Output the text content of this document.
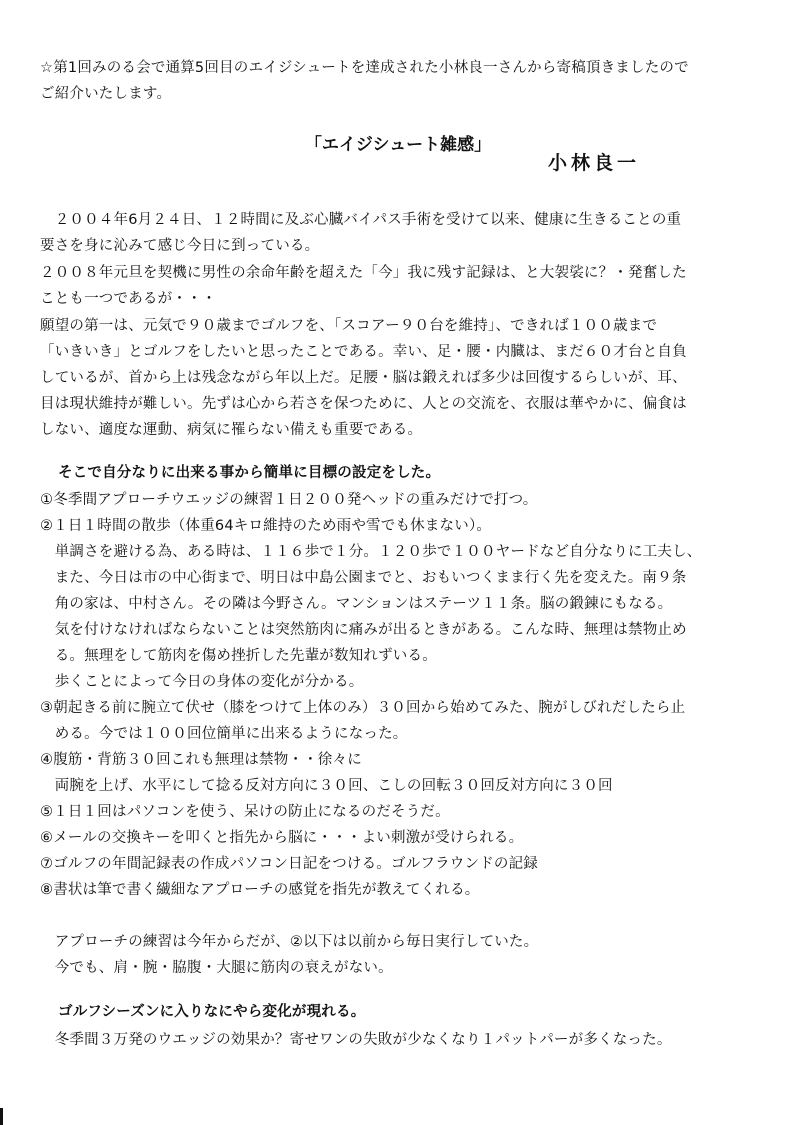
☆第1回みのる会で通算5回目のエイジシュートを達成された小林良一さんから寄稿頂きましたので
ご紹介いたします。
「エイジシュート雑感」
小林良一
　２００４年6月２４日、１２時間に及ぶ心臓バイパス手術を受けて以来、健康に生きることの重
要さを身に沁みて感じ今日に到っている。
２００８年元旦を契機に男性の余命年齢を超えた「今」我に残す記録は、と大袈裟に？・発奮した
ことも一つであるが・・・
願望の第一は、元気で９０歳までゴルフを、「スコアー９０台を維持」、できれば１００歳まで
「いきいき」とゴルフをしたいと思ったことである。幸い、足・腰・内臓は、まだ６０才台と自負
しているが、首から上は残念ながら年以上だ。足腰・脳は鍛えれば多少は回復するらしいが、耳、
目は現状維持が難しい。先ずは心から若さを保つために、人との交流を、衣服は華やかに、偏食は
しない、適度な運動、病気に罹らない備えも重要である。
そこで自分なりに出来る事から簡単に目標の設定をした。
①冬季間アプローチウエッジの練習１日２００発ヘッドの重みだけで打つ。
②１日１時間の散歩（体重64キロ維持のため雨や雪でも休まない）。
　単調さを避ける為、ある時は、１１６歩で１分。１２０歩で１００ヤードなど自分なりに工夫し、
　また、今日は市の中心街まで、明日は中島公園までと、おもいつくまま行く先を変えた。南９条
　角の家は、中村さん。その隣は今野さん。マンションはステーツ１１条。脳の鍛錬にもなる。
　気を付けなければならないことは突然筋肉に痛みが出るときがある。こんな時、無理は禁物止め
　る。無理をして筋肉を傷め挫折した先輩が数知れずいる。
　歩くことによって今日の身体の変化が分かる。
③朝起きる前に腕立て伏せ（膝をつけて上体のみ）３０回から始めてみた、腕がしびれだしたら止
　める。今では１００回位簡単に出来るようになった。
④腹筋・背筋３０回これも無理は禁物・・徐々に
　両腕を上げ、水平にして捻る反対方向に３０回、こしの回転３０回反対方向に３０回
⑤１日１回はパソコンを使う、呆けの防止になるのだそうだ。
⑥メールの交換キーを叩くと指先から脳に・・・よい刺激が受けられる。
⑦ゴルフの年間記録表の作成パソコン日記をつける。ゴルフラウンドの記録
⑧書状は筆で書く繊細なアプローチの感覚を指先が教えてくれる。
　アプローチの練習は今年からだが、②以下は以前から毎日実行していた。
　今でも、肩・腕・脇腹・大腿に筋肉の衰えがない。
ゴルフシーズンに入りなにやら変化が現れる。
　冬季間３万発のウエッジの効果か？寄せワンの失敗が少なくなり１パットパーが多くなった。
